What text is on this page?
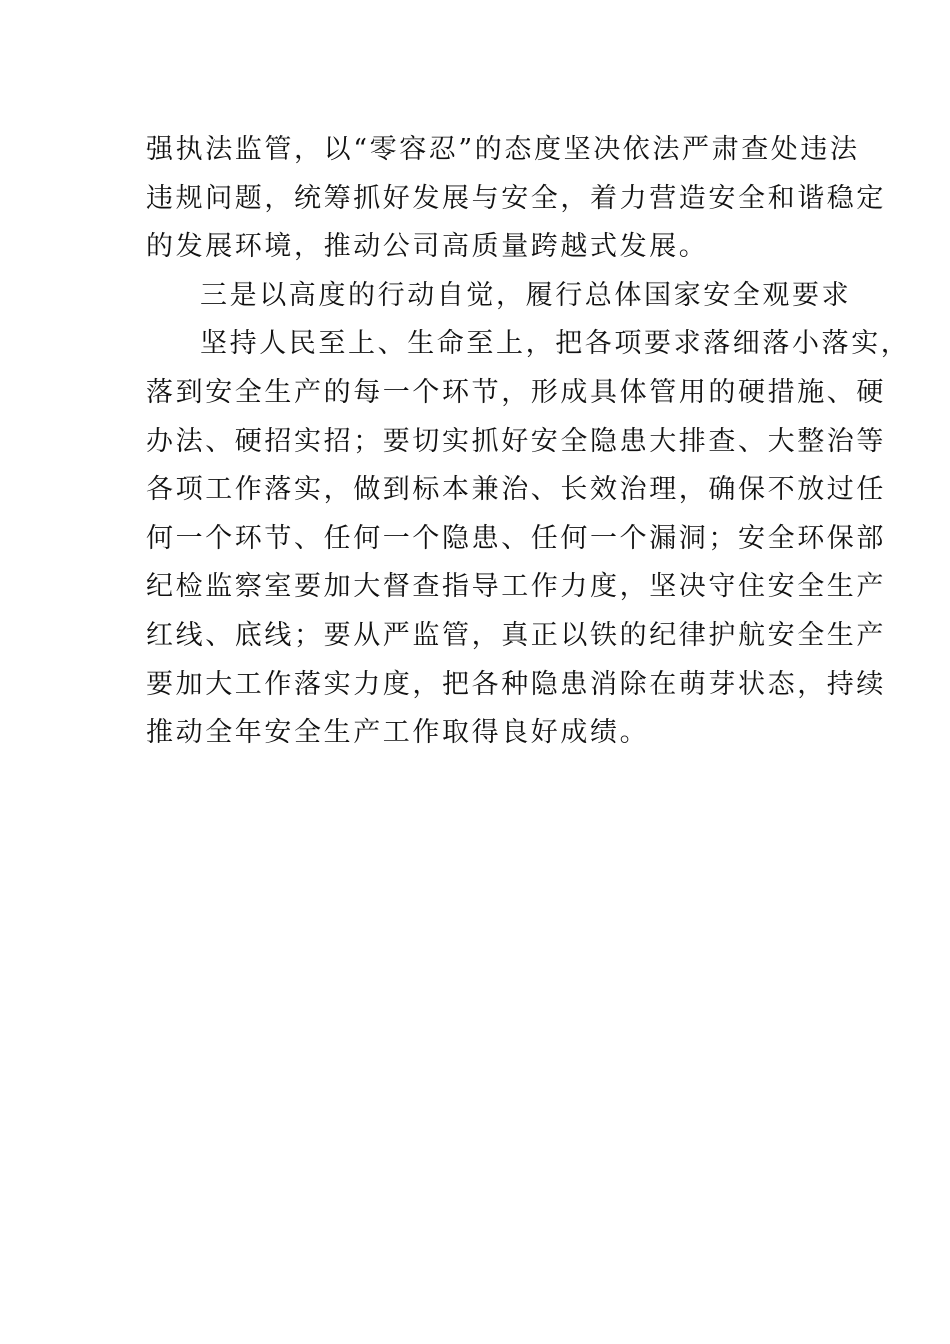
强执法监管，以“零容忍”的态度坚决依法严肃查处违法
违规问题，统筹抓好发展与安全，着力营造安全和谐稳定
的发展环境，推动公司高质量跨越式发展。
三是以高度的行动自觉，履行总体国家安全观要求
坚持人民至上、生命至上，把各项要求落细落小落实，
落到安全生产的每一个环节，形成具体管用的硬措施、硬
办法、硬招实招；要切实抓好安全隐患大排查、大整治等
各项工作落实，做到标本兼治、长效治理，确保不放过任
何一个环节、任何一个隐患、任何一个漏洞；安全环保部
纪检监察室要加大督查指导工作力度，坚决守住安全生产
红线、底线；要从严监管，真正以铁的纪律护航安全生产
要加大工作落实力度，把各种隐患消除在萌芽状态，持续
推动全年安全生产工作取得良好成绩。
